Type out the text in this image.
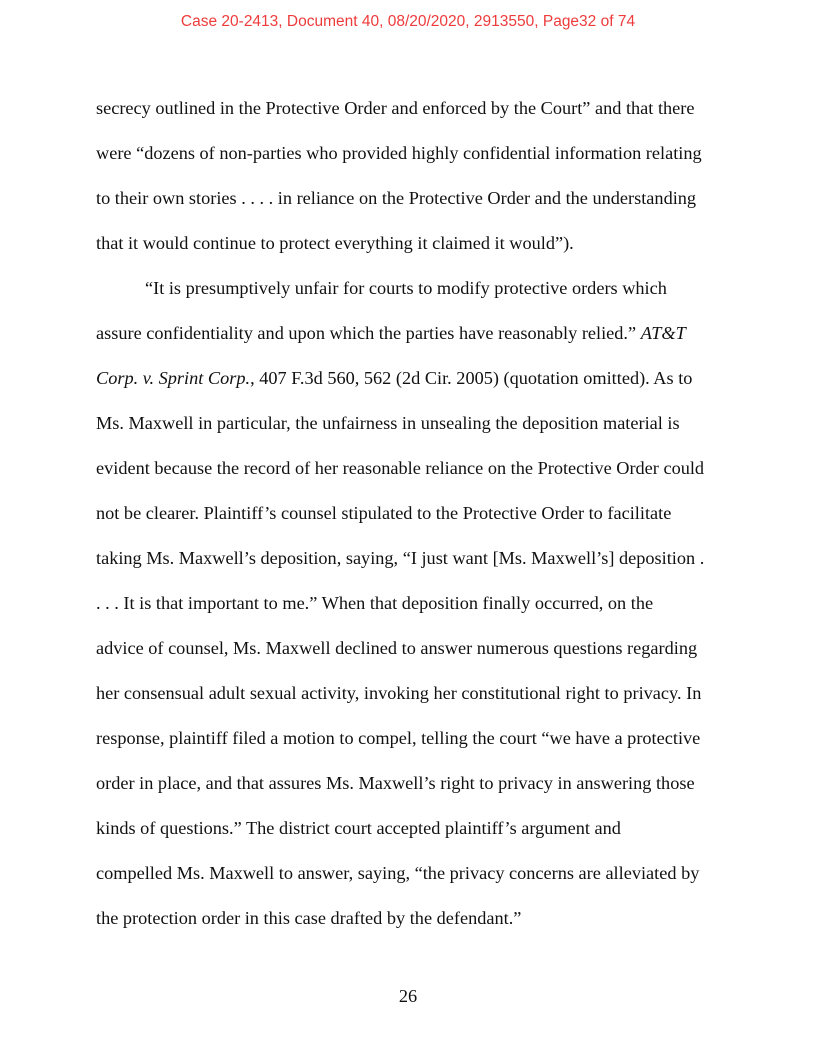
Case 20-2413, Document 40, 08/20/2020, 2913550, Page32 of 74
secrecy outlined in the Protective Order and enforced by the Court” and that there
were “dozens of non-parties who provided highly confidential information relating
to their own stories . . . . in reliance on the Protective Order and the understanding
that it would continue to protect everything it claimed it would”).
“It is presumptively unfair for courts to modify protective orders which
assure confidentiality and upon which the parties have reasonably relied.” AT&T
Corp. v. Sprint Corp., 407 F.3d 560, 562 (2d Cir. 2005) (quotation omitted). As to
Ms. Maxwell in particular, the unfairness in unsealing the deposition material is
evident because the record of her reasonable reliance on the Protective Order could
not be clearer. Plaintiff’s counsel stipulated to the Protective Order to facilitate
taking Ms. Maxwell’s deposition, saying, “I just want [Ms. Maxwell’s] deposition .
. . . It is that important to me.” When that deposition finally occurred, on the
advice of counsel, Ms. Maxwell declined to answer numerous questions regarding
her consensual adult sexual activity, invoking her constitutional right to privacy. In
response, plaintiff filed a motion to compel, telling the court “we have a protective
order in place, and that assures Ms. Maxwell’s right to privacy in answering those
kinds of questions.” The district court accepted plaintiff’s argument and
compelled Ms. Maxwell to answer, saying, “the privacy concerns are alleviated by
the protection order in this case drafted by the defendant.”
26
